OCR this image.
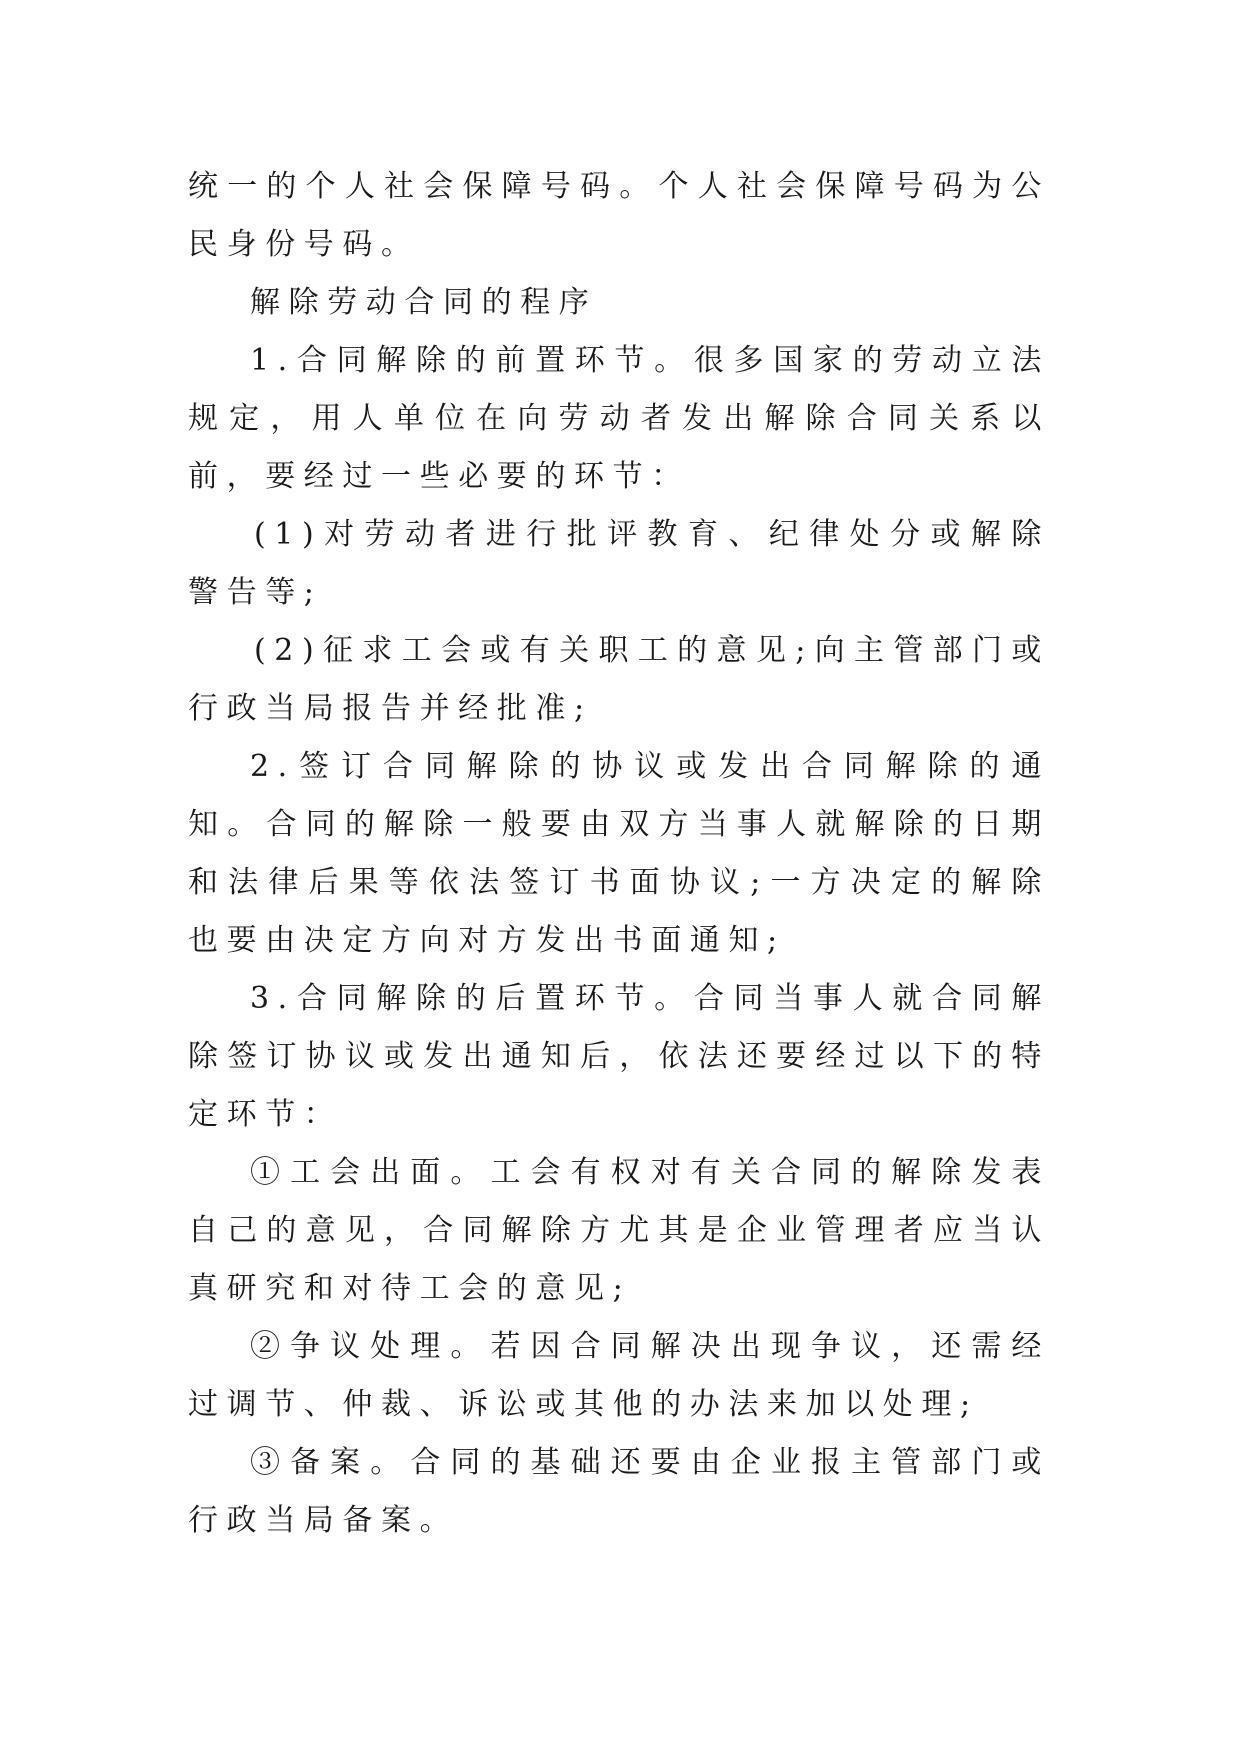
统一的个人社会保障号码。个人社会保障号码为公民身份号码。

解除劳动合同的程序

1.合同解除的前置环节。很多国家的劳动立法规定，用人单位在向劳动者发出解除合同关系以前，要经过一些必要的环节：

(1)对劳动者进行批评教育、纪律处分或解除警告等;

(2)征求工会或有关职工的意见;向主管部门或行政当局报告并经批准;

2.签订合同解除的协议或发出合同解除的通知。合同的解除一般要由双方当事人就解除的日期和法律后果等依法签订书面协议;一方决定的解除也要由决定方向对方发出书面通知;

3.合同解除的后置环节。合同当事人就合同解除签订协议或发出通知后，依法还要经过以下的特定环节：

①工会出面。工会有权对有关合同的解除发表自己的意见，合同解除方尤其是企业管理者应当认真研究和对待工会的意见;

②争议处理。若因合同解决出现争议，还需经过调节、仲裁、诉讼或其他的办法来加以处理;

③备案。合同的基础还要由企业报主管部门或行政当局备案。
